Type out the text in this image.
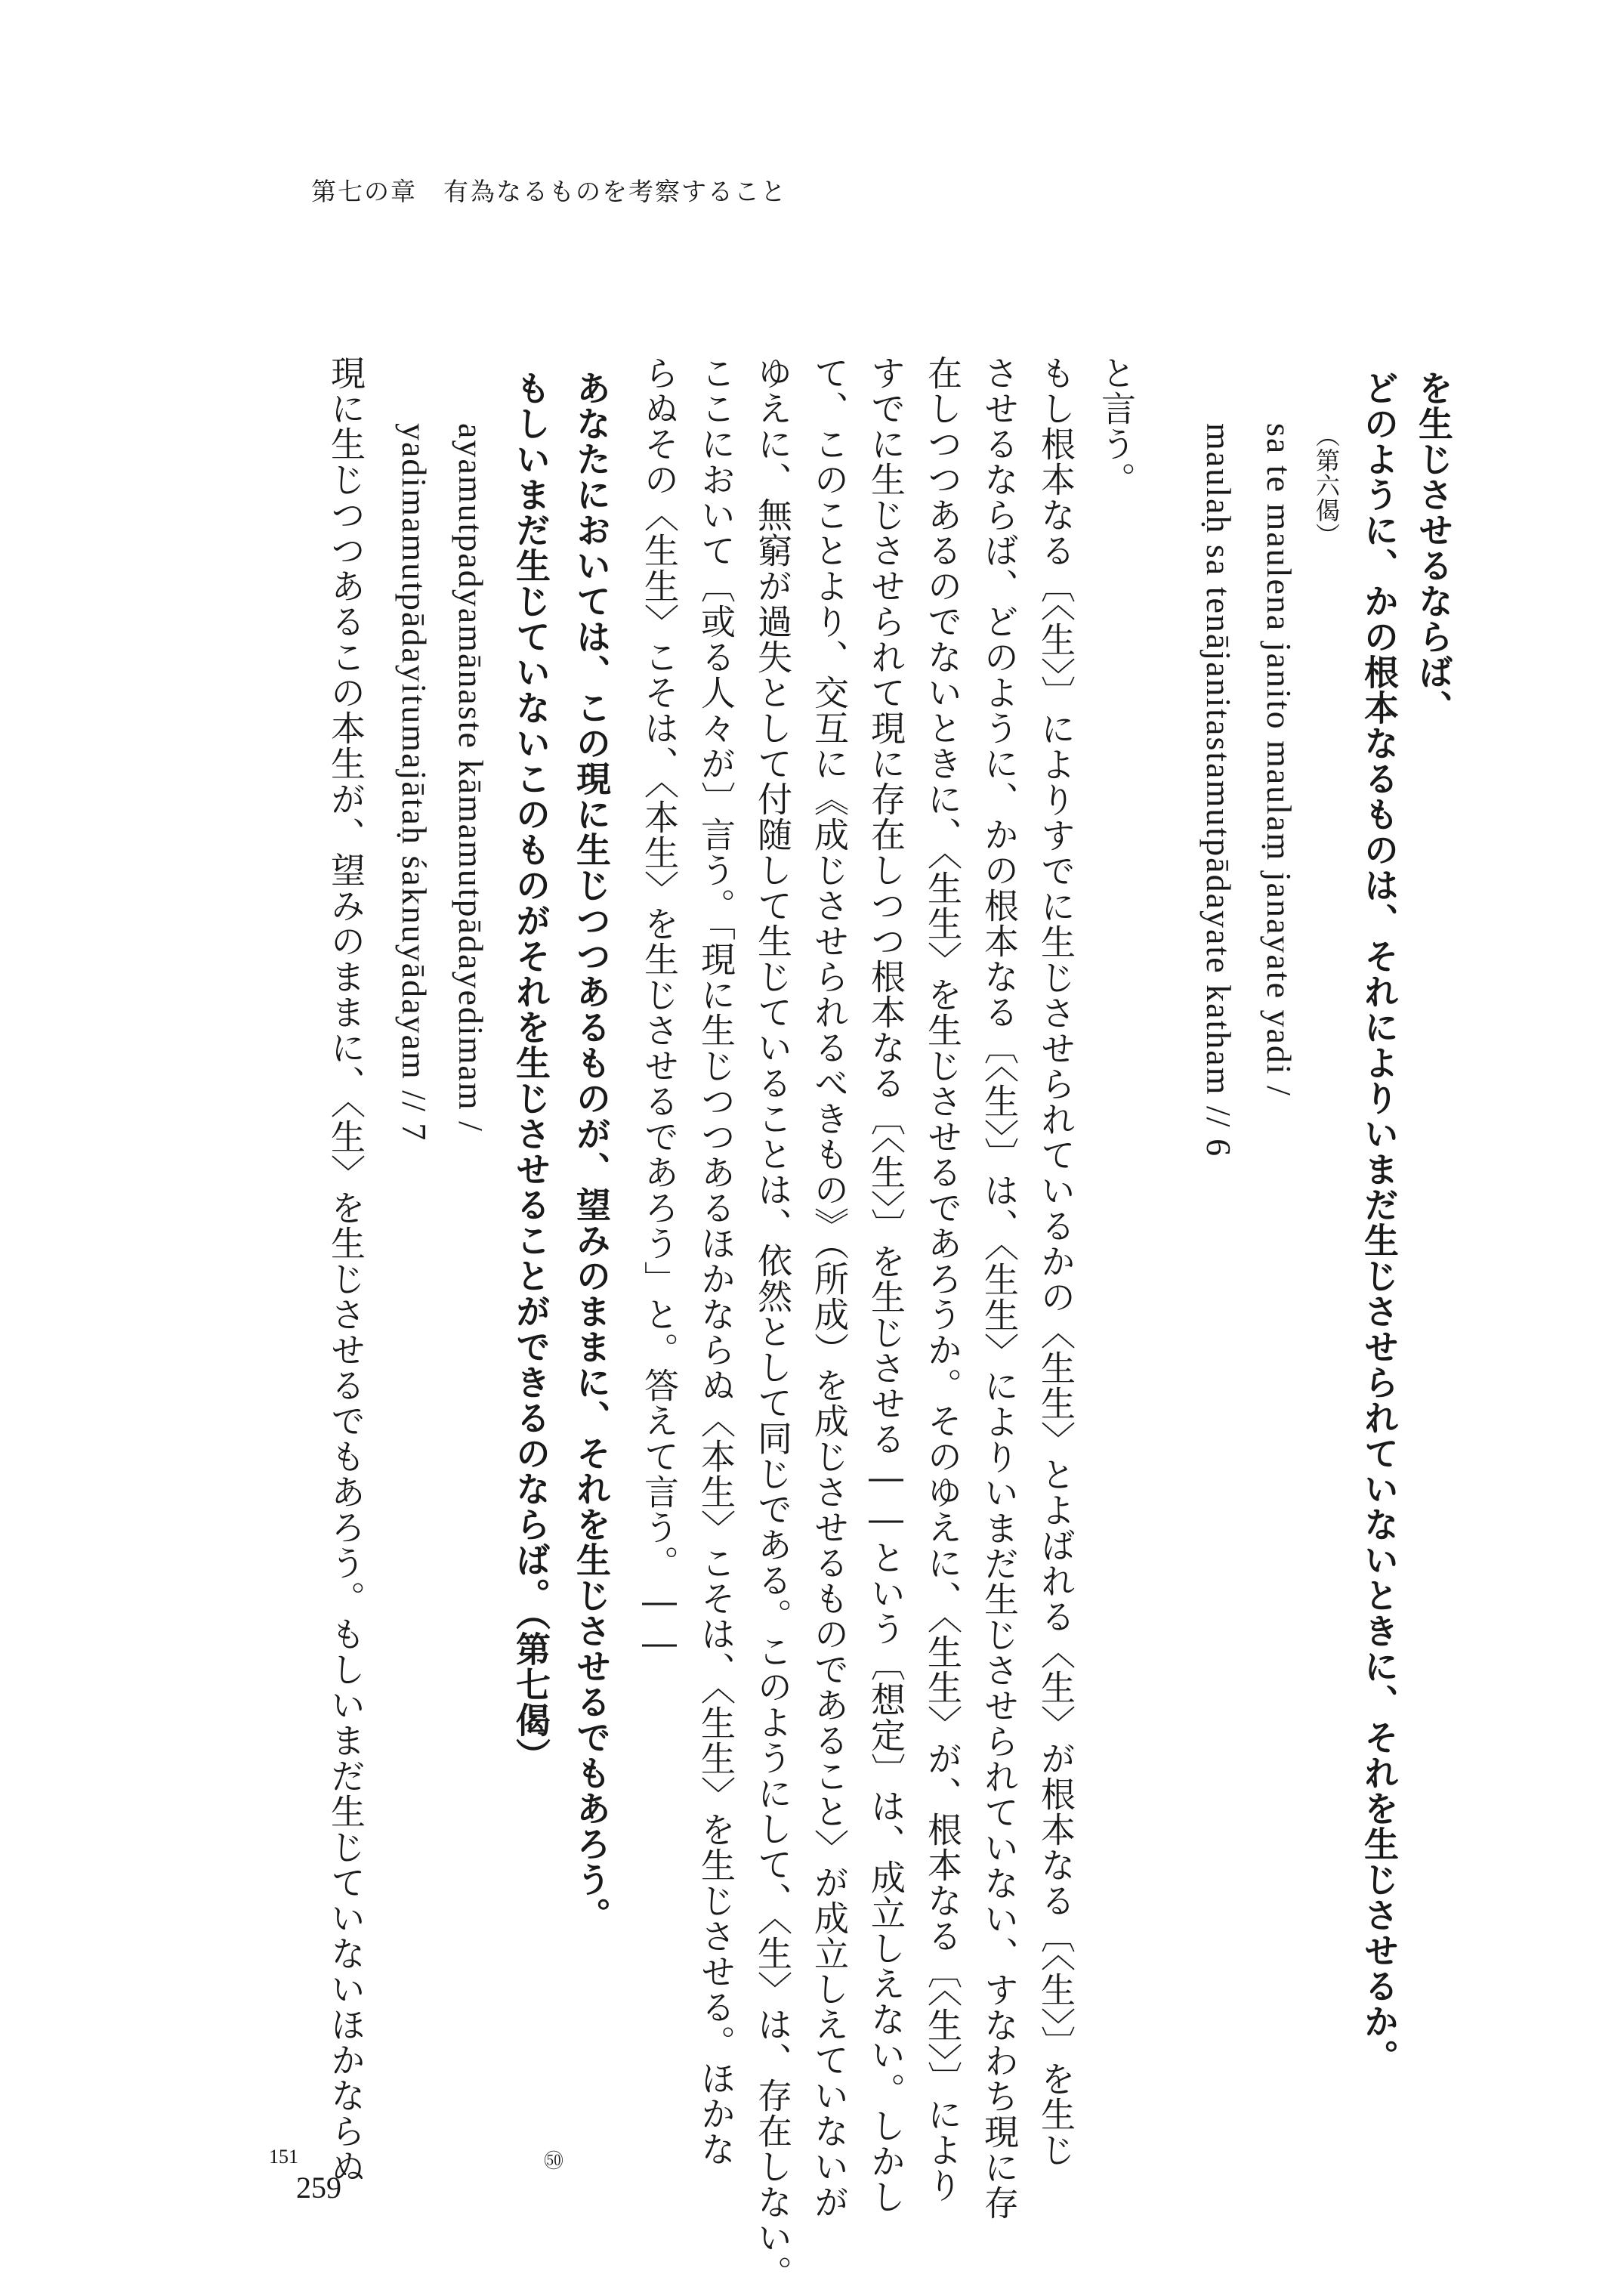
第七の章　有為なるものを考察すること
を生じさせるならば、
どのように、かの根本なるものは、それによりいまだ生じさせられていないときに、それを生じさせるか。
（第六偈）
sa te maulena janito maulaṃ janayate yadi /
maulaḥ sa tenājanitastamutpādayate katham // 6
と言う。
もし根本なる〔〈生〉〕によりすでに生じさせられているかの〈生生〉とよばれる〈生〉が根本なる〔〈生〉〕を生じ
させるならば、どのように、かの根本なる〔〈生〉〕は、〈生生〉によりいまだ生じさせられていない、すなわち現に存
在しつつあるのでないときに、〈生生〉を生じさせるであろうか。そのゆえに、〈生生〉が、根本なる〔〈生〉〕により
すでに生じさせられて現に存在しつつ根本なる〔〈生〉〕を生じさせる――という〔想定〕は、成立しえない。しかし
て、このことより、交互に《成じさせられるべきもの》（所成）を成じさせるものであること〉が成立しえていないが
ゆえに、無窮が過失として付随して生じていることは、依然として同じである。このようにして、〈生〉は、存在しない。
ここにおいて〔或る人々が〕言う。「現に生じつつあるほかならぬ〈本生〉こそは、〈生生〉を生じさせる。ほかな
らぬその〈生生〉こそは、〈本生〉を生じさせるであろう」と。答えて言う。――
あなたにおいては、この現に生じつつあるものが、望みのままに、それを生じさせるでもあろう。
もしいまだ生じていないこのものがそれを生じさせることができるのならば。（第七偈）
ayamutpadyamānaste kāmamutpādayedimam /
yadimamutpādayitumajātaḥ śaknuyādayam // 7
現に生じつつあるこの本生が、望みのままに、〈生〉を生じさせるでもあろう。もしいまだ生じていないほかならぬ	㊿
151
259
